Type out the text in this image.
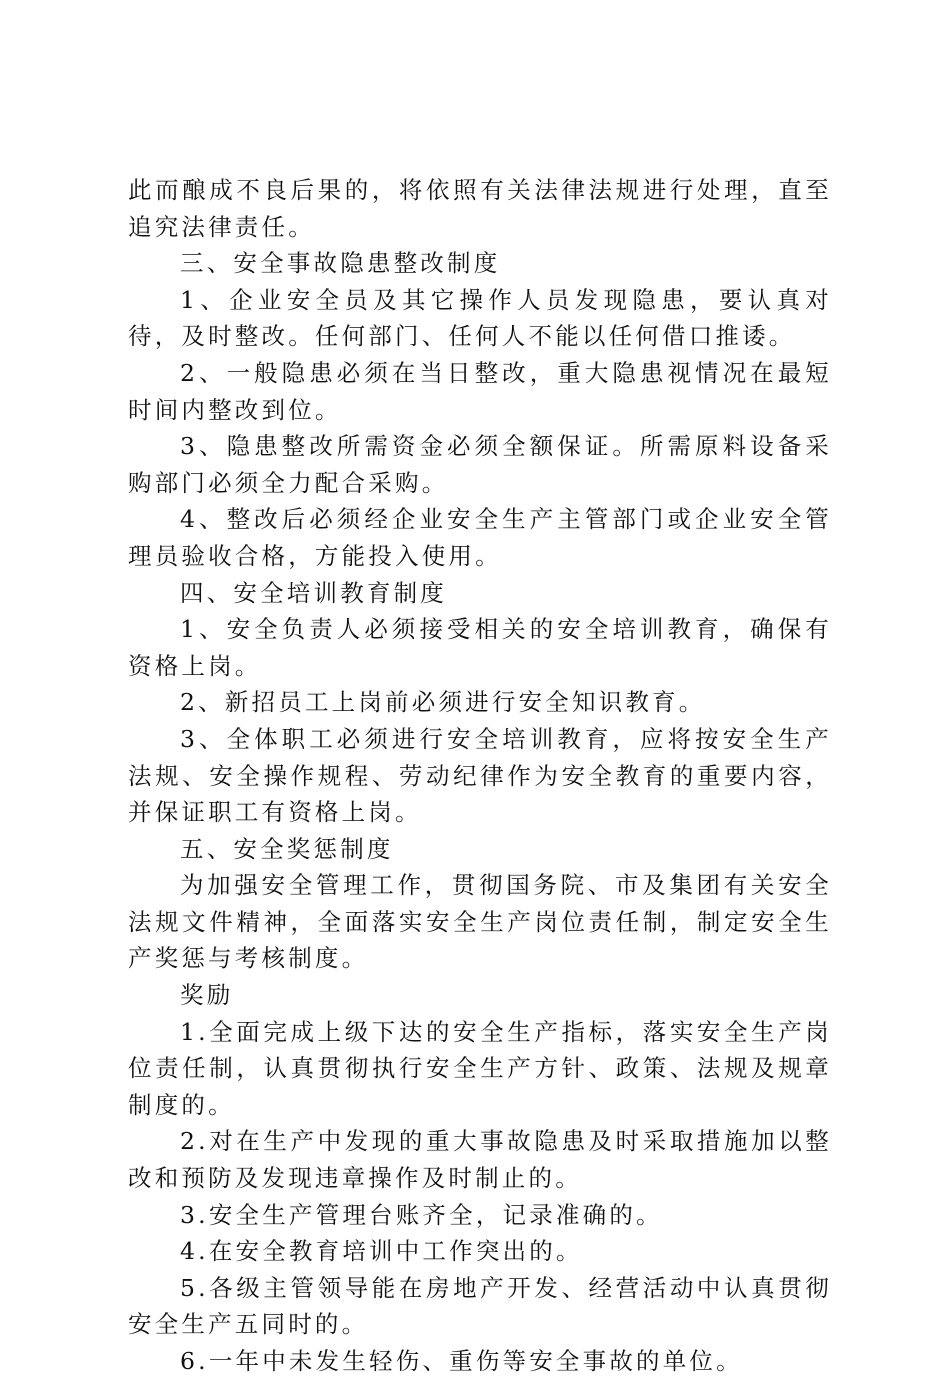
此而酿成不良后果的，将依照有关法律法规进行处理，直至追究法律责任。

三、安全事故隐患整改制度

1、企业安全员及其它操作人员发现隐患，要认真对待，及时整改。任何部门、任何人不能以任何借口推诿。

2、一般隐患必须在当日整改，重大隐患视情况在最短时间内整改到位。

3、隐患整改所需资金必须全额保证。所需原料设备采购部门必须全力配合采购。

4、整改后必须经企业安全生产主管部门或企业安全管理员验收合格，方能投入使用。

四、安全培训教育制度

1、安全负责人必须接受相关的安全培训教育，确保有资格上岗。

2、新招员工上岗前必须进行安全知识教育。

3、全体职工必须进行安全培训教育，应将按安全生产法规、安全操作规程、劳动纪律作为安全教育的重要内容，并保证职工有资格上岗。

五、安全奖惩制度

为加强安全管理工作，贯彻国务院、市及集团有关安全法规文件精神，全面落实安全生产岗位责任制，制定安全生产奖惩与考核制度。

奖励

1.全面完成上级下达的安全生产指标，落实安全生产岗位责任制，认真贯彻执行安全生产方针、政策、法规及规章制度的。

2.对在生产中发现的重大事故隐患及时采取措施加以整改和预防及发现违章操作及时制止的。

3.安全生产管理台账齐全，记录准确的。

4.在安全教育培训中工作突出的。

5.各级主管领导能在房地产开发、经营活动中认真贯彻安全生产五同时的。

6.一年中未发生轻伤、重伤等安全事故的单位。
